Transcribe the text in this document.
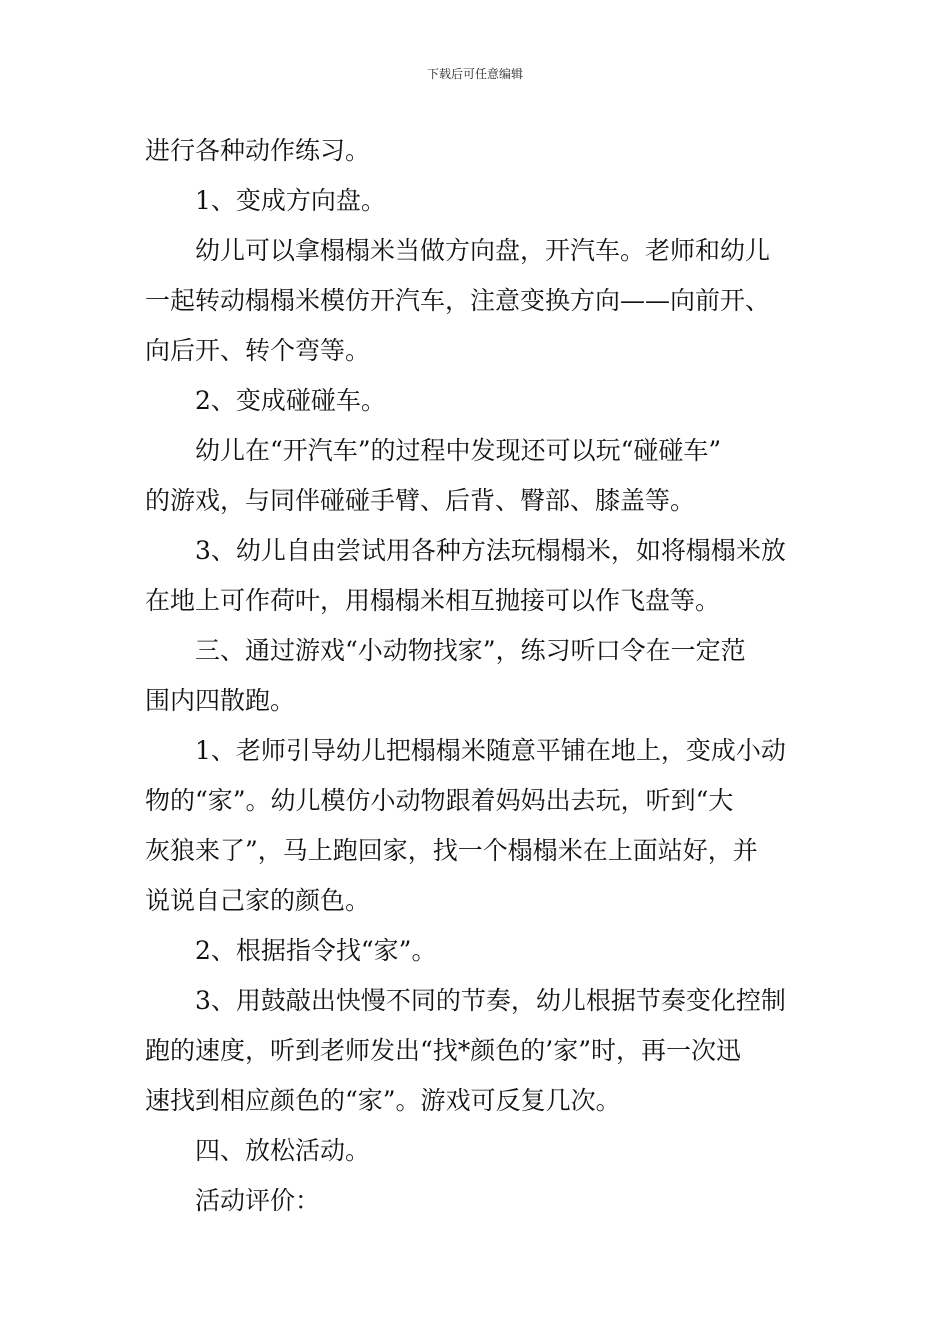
下载后可任意编辑
进行各种动作练习。
1、变成方向盘。
幼儿可以拿榻榻米当做方向盘，开汽车。老师和幼儿
一起转动榻榻米模仿开汽车，注意变换方向——向前开、
向后开、转个弯等。
2、变成碰碰车。
幼儿在“开汽车”的过程中发现还可以玩“碰碰车”
的游戏，与同伴碰碰手臂、后背、臀部、膝盖等。
3、幼儿自由尝试用各种方法玩榻榻米，如将榻榻米放
在地上可作荷叶，用榻榻米相互抛接可以作飞盘等。
三、通过游戏“小动物找家”，练习听口令在一定范
围内四散跑。
1、老师引导幼儿把榻榻米随意平铺在地上，变成小动
物的“家”。幼儿模仿小动物跟着妈妈出去玩，听到“大
灰狼来了”，马上跑回家，找一个榻榻米在上面站好，并
说说自己家的颜色。
2、根据指令找“家”。
3、用鼓敲出快慢不同的节奏，幼儿根据节奏变化控制
跑的速度，听到老师发出“找*颜色的’家”时，再一次迅
速找到相应颜色的“家”。游戏可反复几次。
四、放松活动。
活动评价：
